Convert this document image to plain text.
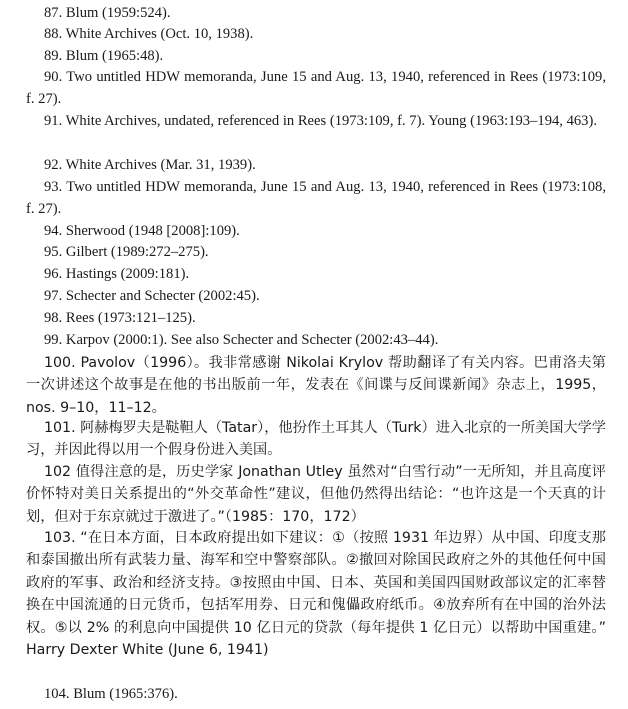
87. Blum (1959:524).
88. White Archives (Oct. 10, 1938).
89. Blum (1965:48).
90. Two untitled HDW memoranda, June 15 and Aug. 13, 1940, referenced in Rees (1973:109, f. 27).
91. White Archives, undated, referenced in Rees (1973:109, f. 7). Young (1963:193–194, 463).
92. White Archives (Mar. 31, 1939).
93. Two untitled HDW memoranda, June 15 and Aug. 13, 1940, referenced in Rees (1973:108, f. 27).
94. Sherwood (1948 [2008]:109).
95. Gilbert (1989:272–275).
96. Hastings (2009:181).
97. Schecter and Schecter (2002:45).
98. Rees (1973:121–125).
99. Karpov (2000:1). See also Schecter and Schecter (2002:43–44).
100. Pavolov（1996）。我非常感谢 Nikolai Krylov 帮助翻译了有关内容。巴甫洛夫第一次讲述这个故事是在他的书出版前一年，发表在《间谍与反间谍新闻》杂志上，1995，nos. 9–10，11–12。
101. 阿赫梅罗夫是鞑靼人（Tatar），他扮作土耳其人（Turk）进入北京的一所美国大学学习，并因此得以用一个假身份进入美国。
102 值得注意的是，历史学家 Jonathan Utley 虽然对“白雪行动”一无所知，并且高度评价怀特对美日关系提出的“外交革命性”建议，但他仍然得出结论：“也许这是一个天真的计划，但对于东京就过于激进了。”（1985：170，172）
103. “在日本方面，日本政府提出如下建议：①（按照 1931 年边界）从中国、印度支那和泰国撤出所有武装力量、海军和空中警察部队。②撤回对除国民政府之外的其他任何中国政府的军事、政治和经济支持。③按照由中国、日本、英国和美国四国财政部议定的汇率替换在中国流通的日元货币，包括军用券、日元和傀儡政府纸币。④放弃所有在中国的治外法权。⑤以 2% 的利息向中国提供 10 亿日元的贷款（每年提供 1 亿日元）以帮助中国重建。” Harry Dexter White (June 6, 1941)
104. Blum (1965:376).
